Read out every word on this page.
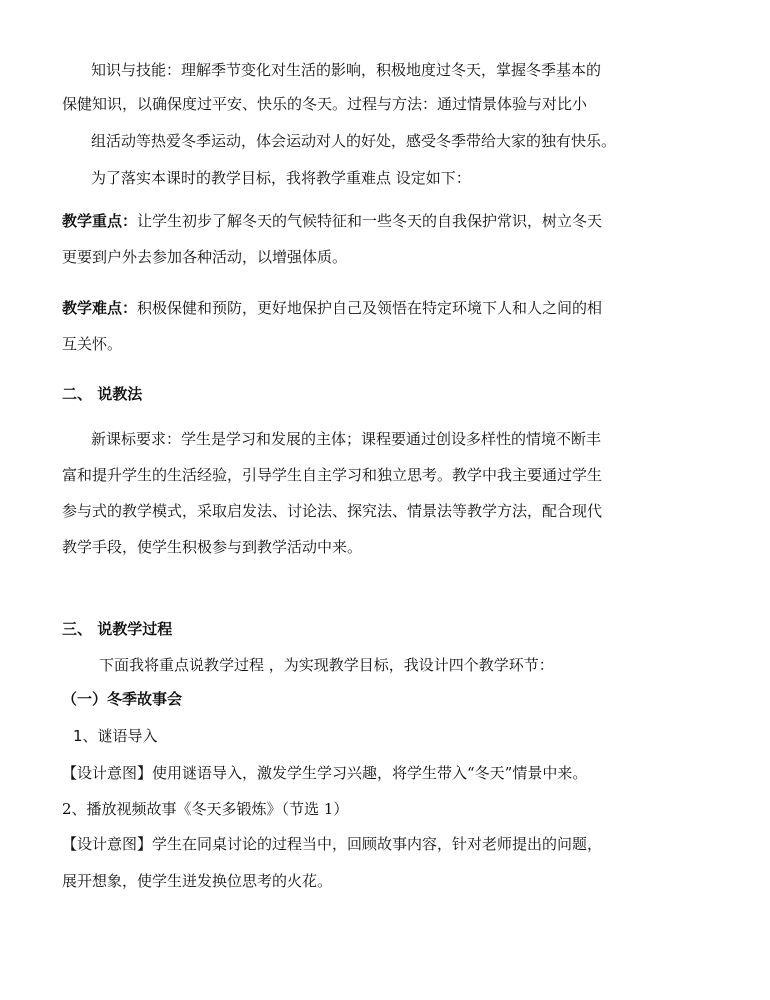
知识与技能：理解季节变化对生活的影响，积极地度过冬天，掌握冬季基本的
保健知识，以确保度过平安、快乐的冬天。过程与方法：通过情景体验与对比小
组活动等热爱冬季运动，体会运动对人的好处，感受冬季带给大家的独有快乐。
为了落实本课时的教学目标，我将教学重难点 设定如下：
教学重点：让学生初步了解冬天的气候特征和一些冬天的自我保护常识，树立冬天
更要到户外去参加各种活动，以增强体质。
教学难点：积极保健和预防，更好地保护自己及领悟在特定环境下人和人之间的相
互关怀。
二、 说教法
新课标要求：学生是学习和发展的主体；课程要通过创设多样性的情境不断丰
富和提升学生的生活经验，引导学生自主学习和独立思考。教学中我主要通过学生
参与式的教学模式，采取启发法、讨论法、探究法、情景法等教学方法，配合现代
教学手段，使学生积极参与到教学活动中来。
三、 说教学过程
下面我将重点说教学过程 ，为实现教学目标，我设计四个教学环节：
（一）冬季故事会
1、谜语导入
【设计意图】使用谜语导入，激发学生学习兴趣，将学生带入“冬天”情景中来。
2、播放视频故事《冬天多锻炼》（节选 1）
【设计意图】学生在同桌讨论的过程当中，回顾故事内容，针对老师提出的问题，
展开想象，使学生迸发换位思考的火花。
